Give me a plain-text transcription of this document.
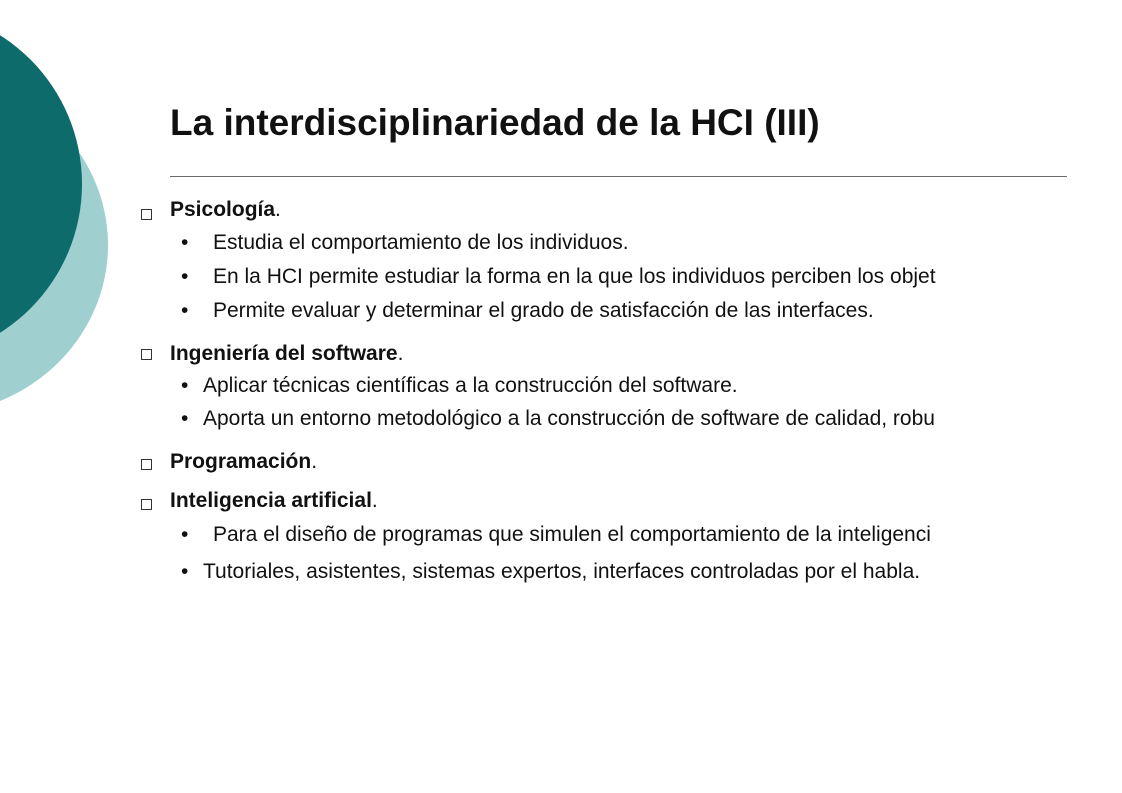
La interdisciplinariedad de la HCI (III)
Psicología.
• Estudia el comportamiento de los individuos.
• En la HCI permite estudiar la forma en la que los individuos perciben los objet
• Permite evaluar y determinar el grado de satisfacción de las interfaces.
Ingeniería del software.
• Aplicar técnicas científicas a la construcción del software.
• Aporta un entorno metodológico a la construcción de software de calidad, robu
Programación.
Inteligencia artificial.
• Para el diseño de programas que simulen el comportamiento de la inteligenci
• Tutoriales, asistentes, sistemas expertos, interfaces controladas por el habla.
